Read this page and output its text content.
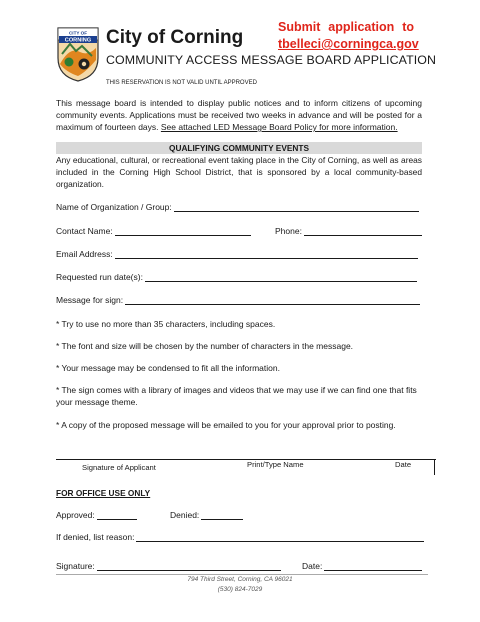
CITY OF
CORNING City of Corning	Submit application to
tbelleci@corningca.gov
COMMUNITY ACCESS MESSAGE BOARD APPLICATION
THIS RESERVATION IS NOT VALID UNTIL APPROVED
This message board is intended to display public notices and to inform citizens of upcoming community events. Applications must be received two weeks in advance and will be posted for a maximum of fourteen days. See attached LED Message Board Policy for more information.
QUALIFYING COMMUNITY EVENTS
Any educational, cultural, or recreational event taking place in the City of Corning, as well as areas included in the Corning High School District, that is sponsored by a local community-based organization.
Name of Organization / Group:
Contact Name:	Phone:
Email Address:
Requested run date(s):
Message for sign:
* Try to use no more than 35 characters, including spaces.
* The font and size will be chosen by the number of characters in the message.
* Your message may be condensed to fit all the information.
* The sign comes with a library of images and videos that we may use if we can find one that fits your message theme.
* A copy of the proposed message will be emailed to you for your approval prior to posting.
Signature of Applicant	Print/Type Name	Date
FOR OFFICE USE ONLY
Approved:	Denied:
If denied, list reason:
Signature:	Date:
794 Third Street, Corning, CA 96021
(530) 824-7029
